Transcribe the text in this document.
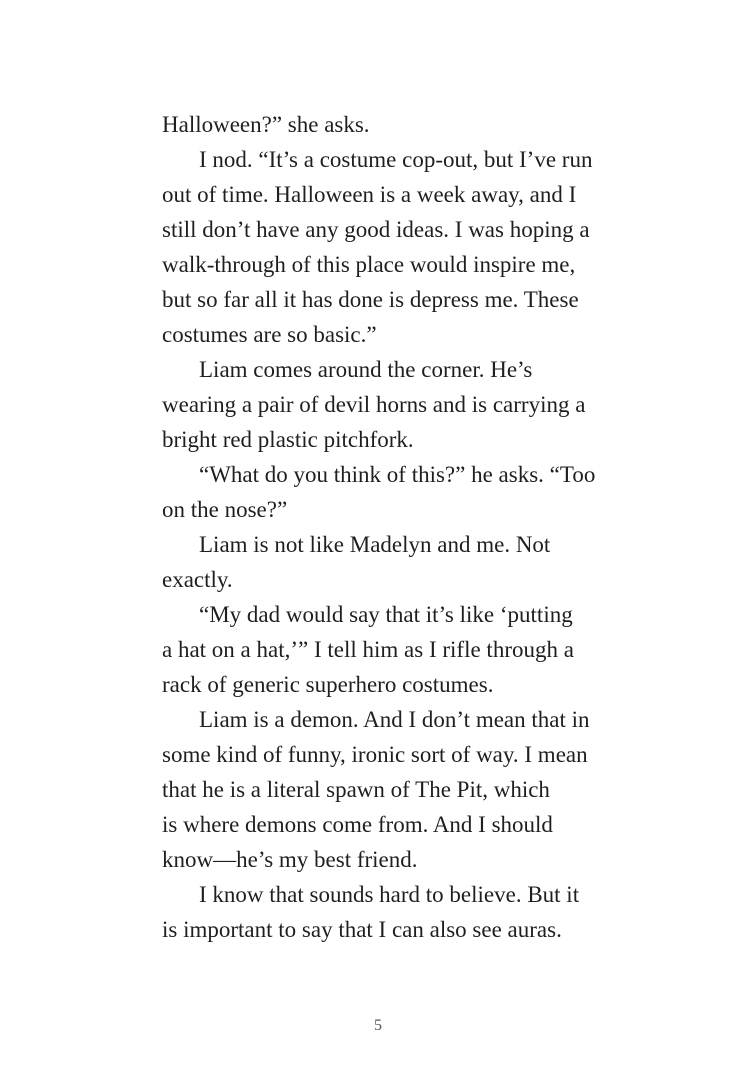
Halloween?” she asks.
I nod. “It’s a costume cop-out, but I’ve run
out of time. Halloween is a week away, and I
still don’t have any good ideas. I was hoping a
walk-through of this place would inspire me,
but so far all it has done is depress me. These
costumes are so basic.”
Liam comes around the corner. He’s
wearing a pair of devil horns and is carrying a
bright red plastic pitchfork.
“What do you think of this?” he asks. “Too
on the nose?”
Liam is not like Madelyn and me. Not
exactly.
“My dad would say that it’s like ‘putting
a hat on a hat,’” I tell him as I rifle through a
rack of generic superhero costumes.
Liam is a demon. And I don’t mean that in
some kind of funny, ironic sort of way. I mean
that he is a literal spawn of The Pit, which
is where demons come from. And I should
know—he’s my best friend.
I know that sounds hard to believe. But it
is important to say that I can also see auras.
5
